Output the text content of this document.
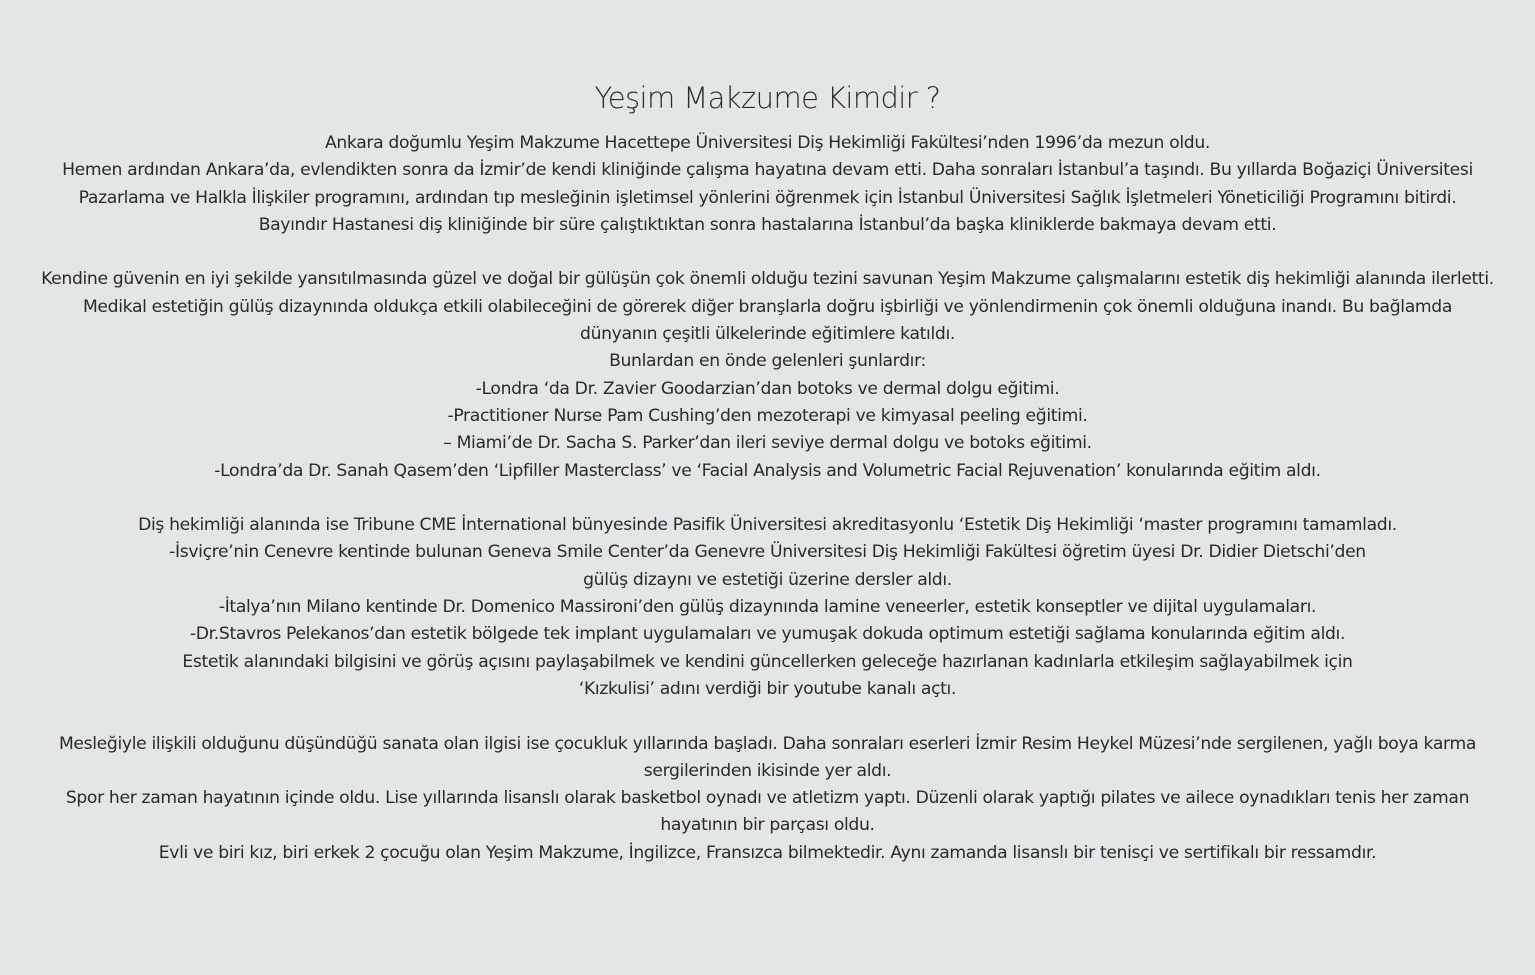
Yeşim Makzume Kimdir ?
Ankara doğumlu Yeşim Makzume Hacettepe Üniversitesi Diş Hekimliği Fakültesi’nden 1996’da mezun oldu.
Hemen ardından Ankara’da, evlendikten sonra da İzmir’de kendi kliniğinde çalışma hayatına devam etti. Daha sonraları İstanbul’a taşındı. Bu yıllarda Boğaziçi Üniversitesi
Pazarlama ve Halkla İlişkiler programını, ardından tıp mesleğinin işletimsel yönlerini öğrenmek için İstanbul Üniversitesi Sağlık İşletmeleri Yöneticiliği Programını bitirdi.
Bayındır Hastanesi diş kliniğinde bir süre çalıştıktıktan sonra hastalarına İstanbul’da başka kliniklerde bakmaya devam etti.
Kendine güvenin en iyi şekilde yansıtılmasında güzel ve doğal bir gülüşün çok önemli olduğu tezini savunan Yeşim Makzume çalışmalarını estetik diş hekimliği alanında ilerletti.
Medikal estetiğin gülüş dizaynında oldukça etkili olabileceğini de görerek diğer branşlarla doğru işbirliği ve yönlendirmenin çok önemli olduğuna inandı. Bu bağlamda
dünyanın çeşitli ülkelerinde eğitimlere katıldı.
Bunlardan en önde gelenleri şunlardır:
-Londra ‘da Dr. Zavier Goodarzian’dan botoks ve dermal dolgu eğitimi.
-Practitioner Nurse Pam Cushing’den mezoterapi ve kimyasal peeling eğitimi.
– Miami’de Dr. Sacha S. Parker’dan ileri seviye dermal dolgu ve botoks eğitimi.
-Londra’da Dr. Sanah Qasem’den ‘Lipfiller Masterclass’ ve ‘Facial Analysis and Volumetric Facial Rejuvenation’ konularında eğitim aldı.
Diş hekimliği alanında ise Tribune CME İnternational bünyesinde Pasifik Üniversitesi akreditasyonlu ‘Estetik Diş Hekimliği ‘master programını tamamladı.
-İsviçre’nin Cenevre kentinde bulunan Geneva Smile Center’da Genevre Üniversitesi Diş Hekimliği Fakültesi öğretim üyesi Dr. Didier Dietschi’den
gülüş dizaynı ve estetiği üzerine dersler aldı.
-İtalya’nın Milano kentinde Dr. Domenico Massironi’den gülüş dizaynında lamine veneerler, estetik konseptler ve dijital uygulamaları.
-Dr.Stavros Pelekanos’dan estetik bölgede tek implant uygulamaları ve yumuşak dokuda optimum estetiği sağlama konularında eğitim aldı.
Estetik alanındaki bilgisini ve görüş açısını paylaşabilmek ve kendini güncellerken geleceğe hazırlanan kadınlarla etkileşim sağlayabilmek için
‘Kızkulisi’ adını verdiği bir youtube kanalı açtı.
Mesleğiyle ilişkili olduğunu düşündüğü sanata olan ilgisi ise çocukluk yıllarında başladı. Daha sonraları eserleri İzmir Resim Heykel Müzesi’nde sergilenen, yağlı boya karma
sergilerinden ikisinde yer aldı.
Spor her zaman hayatının içinde oldu. Lise yıllarında lisanslı olarak basketbol oynadı ve atletizm yaptı. Düzenli olarak yaptığı pilates ve ailece oynadıkları tenis her zaman
hayatının bir parçası oldu.
Evli ve biri kız, biri erkek 2 çocuğu olan Yeşim Makzume, İngilizce, Fransızca bilmektedir. Aynı zamanda lisanslı bir tenisçi ve sertifikalı bir ressamdır.
